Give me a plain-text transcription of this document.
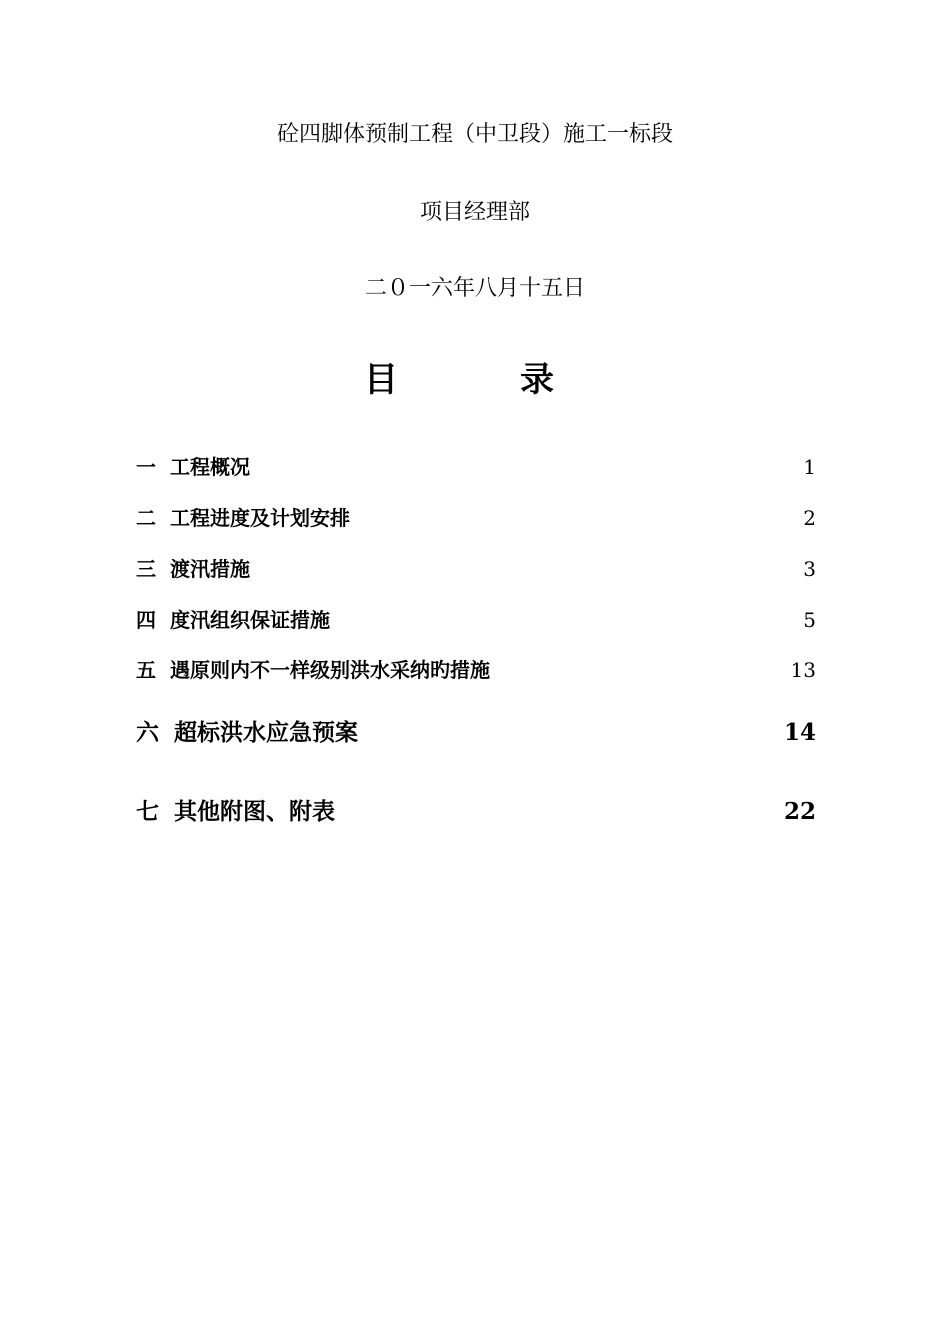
砼四脚体预制工程（中卫段）施工一标段
项目经理部
二０一六年八月十五日
目	录
一 工程概况	1
二 工程进度及计划安排	2
三 渡汛措施	3
四 度汛组织保证措施	5
五 遇原则内不一样级别洪水采纳旳措施	13
六 超标洪水应急预案	14
七 其他附图、附表	22
